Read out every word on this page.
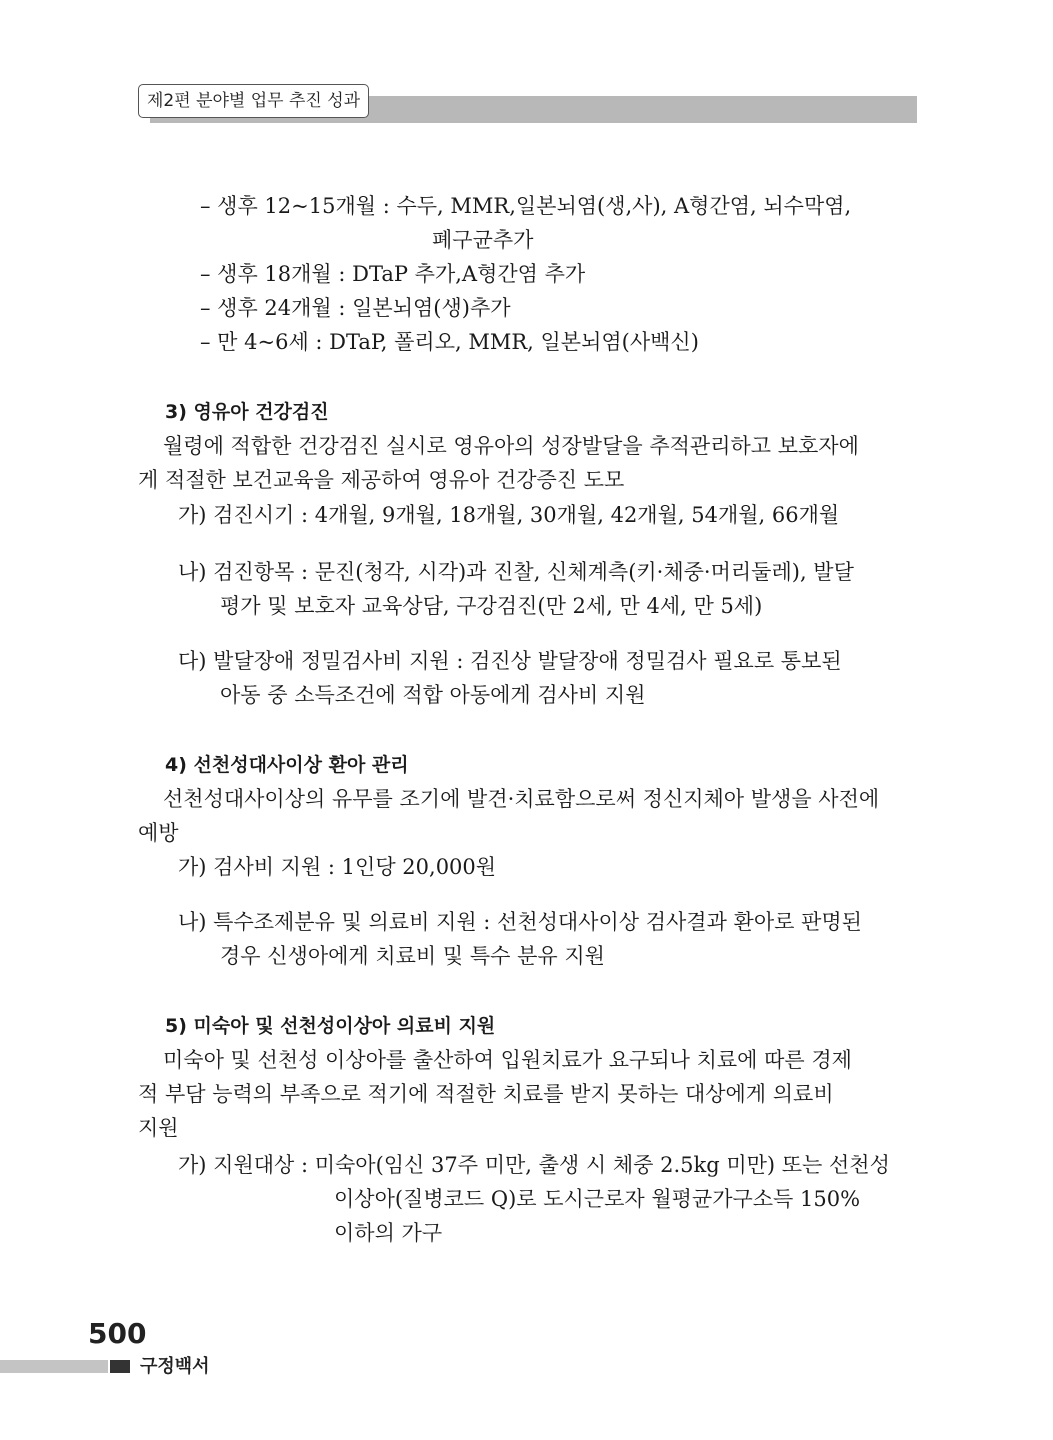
제2편 분야별 업무 추진 성과
– 생후 12~15개월 : 수두, MMR,일본뇌염(생,사), A형간염, 뇌수막염,
폐구균추가
– 생후 18개월 : DTaP 추가,A형간염 추가
– 생후 24개월 : 일본뇌염(생)추가
– 만 4~6세 : DTaP, 폴리오, MMR, 일본뇌염(사백신)
3) 영유아 건강검진
월령에 적합한 건강검진 실시로 영유아의 성장발달을 추적관리하고 보호자에
게 적절한 보건교육을 제공하여 영유아 건강증진 도모
가) 검진시기 : 4개월, 9개월, 18개월, 30개월, 42개월, 54개월, 66개월
나) 검진항목 : 문진(청각, 시각)과 진찰, 신체계측(키·체중·머리둘레), 발달
평가 및 보호자 교육상담, 구강검진(만 2세, 만 4세, 만 5세)
다) 발달장애 정밀검사비 지원 : 검진상 발달장애 정밀검사 필요로 통보된
아동 중 소득조건에 적합 아동에게 검사비 지원
4) 선천성대사이상 환아 관리
선천성대사이상의 유무를 조기에 발견·치료함으로써 정신지체아 발생을 사전에
예방
가) 검사비 지원 : 1인당 20,000원
나) 특수조제분유 및 의료비 지원 : 선천성대사이상 검사결과 환아로 판명된
경우 신생아에게 치료비 및 특수 분유 지원
5) 미숙아 및 선천성이상아 의료비 지원
미숙아 및 선천성 이상아를 출산하여 입원치료가 요구되나 치료에 따른 경제
적 부담 능력의 부족으로 적기에 적절한 치료를 받지 못하는 대상에게 의료비
지원
가) 지원대상 : 미숙아(임신 37주 미만, 출생 시 체중 2.5kg 미만) 또는 선천성
이상아(질병코드 Q)로 도시근로자 월평균가구소득 150%
이하의 가구
500
구정백서
